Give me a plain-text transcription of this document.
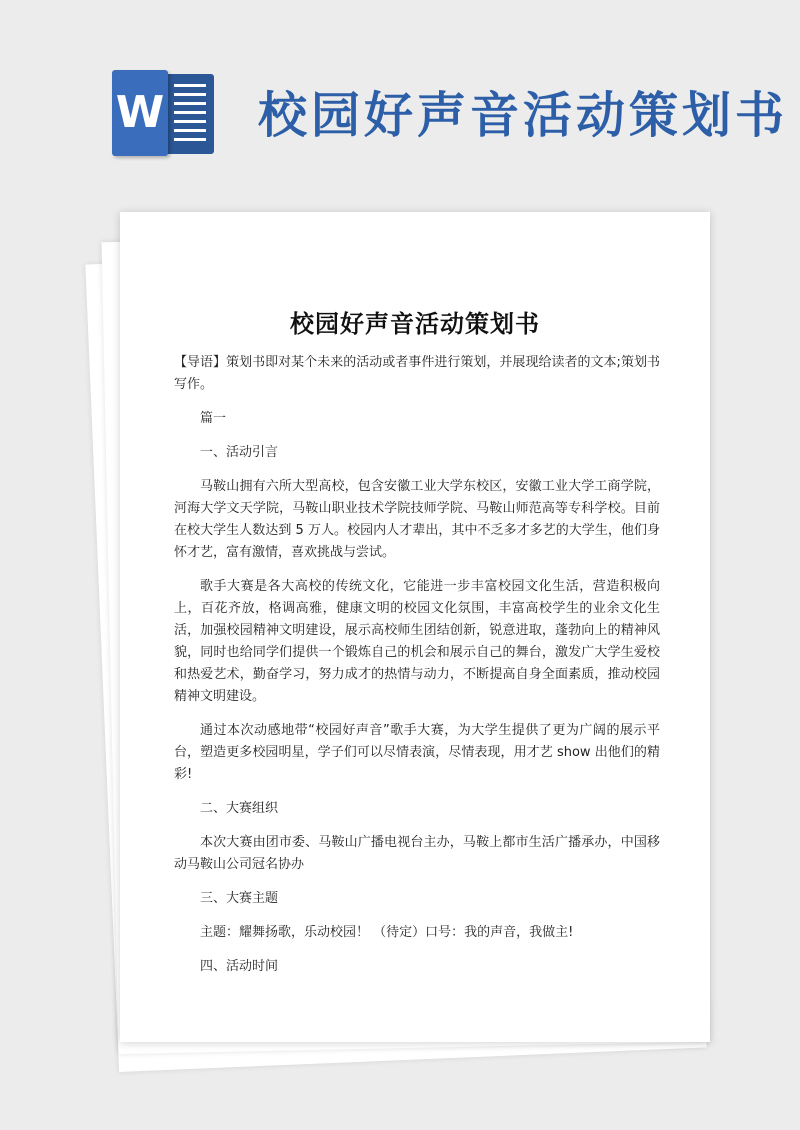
W 校园好声音活动策划书
校园好声音活动策划书

【导语】策划书即对某个未来的活动或者事件进行策划，并展现给读者的文本;策划书写作。

篇一

一、活动引言

马鞍山拥有六所大型高校，包含安徽工业大学东校区，安徽工业大学工商学院，河海大学文天学院，马鞍山职业技术学院技师学院、马鞍山师范高等专科学校。目前在校大学生人数达到 5 万人。校园内人才辈出，其中不乏多才多艺的大学生，他们身怀才艺，富有激情，喜欢挑战与尝试。

歌手大赛是各大高校的传统文化，它能进一步丰富校园文化生活，营造积极向上，百花齐放，格调高雅，健康文明的校园文化氛围，丰富高校学生的业余文化生活，加强校园精神文明建设，展示高校师生团结创新，锐意进取，蓬勃向上的精神风貌，同时也给同学们提供一个锻炼自己的机会和展示自己的舞台，激发广大学生爱校和热爱艺术，勤奋学习，努力成才的热情与动力，不断提高自身全面素质，推动校园精神文明建设。

通过本次动感地带“校园好声音”歌手大赛，为大学生提供了更为广阔的展示平台，塑造更多校园明星，学子们可以尽情表演，尽情表现，用才艺 show 出他们的精彩!

二、大赛组织

本次大赛由团市委、马鞍山广播电视台主办，马鞍上都市生活广播承办，中国移动马鞍山公司冠名协办

三、大赛主题

主题：耀舞扬歌，乐动校园！ （待定）口号：我的声音，我做主!

四、活动时间
